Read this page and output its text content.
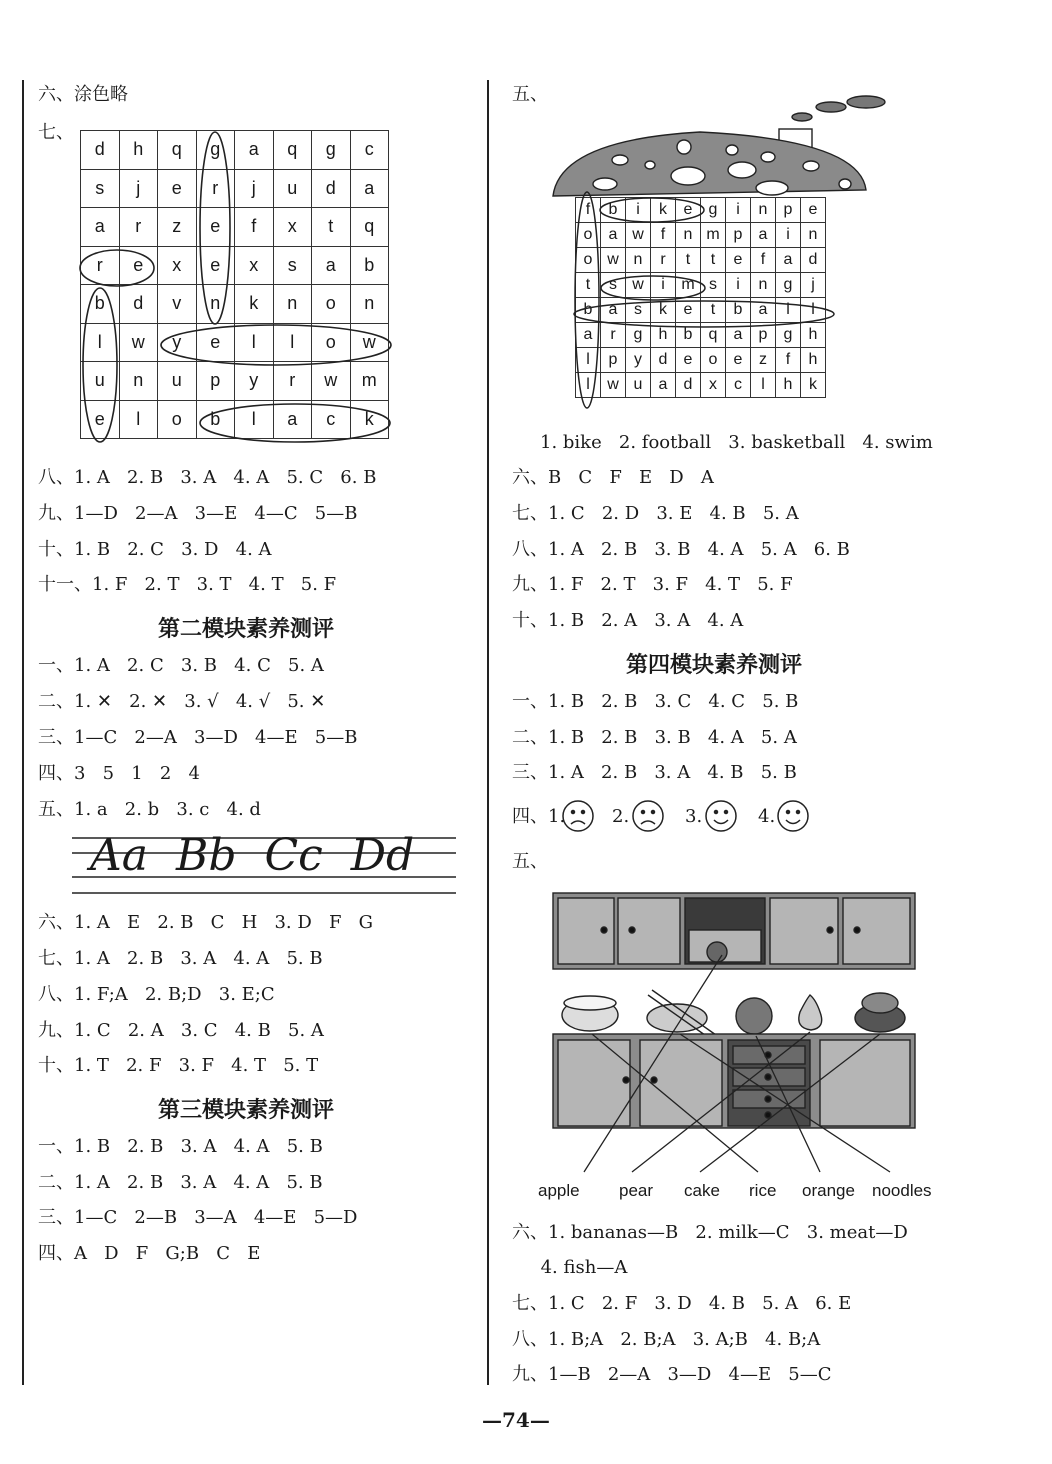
六、涂色略
七、
d	h	q	g	a	q	g	c
s	j	e	r	j	u	d	a
a	r	z	e	f	x	t	q
r	e	x	e	x	s	a	b
b	d	v	n	k	n	o	n
l	w	y	e	l	l	o	w
u	n	u	p	y	r	w	m
e	l	o	b	l	a	c	k
八、1. A   2. B   3. A   4. A   5. C   6. B
九、1—D   2—A   3—E   4—C   5—B
十、1. B   2. C   3. D   4. A
十一、1. F   2. T   3. T   4. T   5. F
第二模块素养测评
一、1. A   2. C   3. B   4. C   5. A
二、1. ✕   2. ✕   3. √   4. √   5. ✕
三、1—C   2—A   3—D   4—E   5—B
四、3   5   1   2   4
五、1. a   2. b   3. c   4. d
Aa  Bb  Cc  Dd
六、1. A   E   2. B   C   H   3. D   F   G
七、1. A   2. B   3. A   4. A   5. B
八、1. F;A   2. B;D   3. E;C
九、1. C   2. A   3. C   4. B   5. A
十、1. T   2. F   3. F   4. T   5. T
第三模块素养测评
一、1. B   2. B   3. A   4. A   5. B
二、1. A   2. B   3. A   4. A   5. B
三、1—C   2—B   3—A   4—E   5—D
四、A   D   F   G;B   C   E
五、
f	b	i	k	e	g	i	n	p	e
o	a	w	f	n	m	p	a	i	n
o	w	n	r	t	t	e	f	a	d
t	s	w	i	m	s	i	n	g	j
b	a	s	k	e	t	b	a	l	l
a	r	g	h	b	q	a	p	g	h
l	p	y	d	e	o	e	z	f	h
l	w	u	a	d	x	c	l	h	k
1. bike   2. football   3. basketball   4. swim
六、B   C   F   E   D   A
七、1. C   2. D   3. E   4. B   5. A
八、1. A   2. B   3. B   4. A   5. A   6. B
九、1. F   2. T   3. F   4. T   5. F
十、1. B   2. A   3. A   4. A
第四模块素养测评
一、1. B   2. B   3. C   4. C   5. B
二、1. B   2. B   3. B   4. A   5. A
三、1. A   2. B   3. A   4. B   5. B
四、1.	2.	3.	4.
五、
apple pear cake rice orange noodles
六、1. bananas—B   2. milk—C   3. meat—D
4. fish—A
七、1. C   2. F   3. D   4. B   5. A   6. E
八、1. B;A   2. B;A   3. A;B   4. B;A
九、1—B   2—A   3—D   4—E   5—C
—74—
